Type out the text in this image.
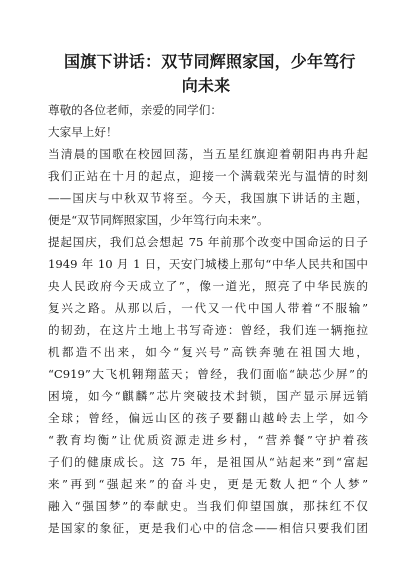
国旗下讲话：双节同辉照家国，少年笃行
向未来
尊敬的各位老师，亲爱的同学们：
大家早上好！
当清晨的国歌在校园回荡，当五星红旗迎着朝阳冉冉升起
我们正站在十月的起点，迎接一个满载荣光与温情的时刻
——国庆与中秋双节将至。今天，我国旗下讲话的主题，
便是“双节同辉照家国，少年笃行向未来”。
提起国庆，我们总会想起 75 年前那个改变中国命运的日子
1949 年 10 月 1 日，天安门城楼上那句“中华人民共和国中
央人民政府今天成立了”，像一道光，照亮了中华民族的
复兴之路。从那以后，一代又一代中国人带着“不服输”
的韧劲，在这片土地上书写奇迹：曾经，我们连一辆拖拉
机都造不出来，如今“复兴号”高铁奔驰在祖国大地，
“C919”大飞机翱翔蓝天；曾经，我们面临“缺芯少屏”的
困境，如今“麒麟”芯片突破技术封锁，国产显示屏远销
全球；曾经，偏远山区的孩子要翻山越岭去上学，如今
“教育均衡”让优质资源走进乡村，“营养餐”守护着孩
子们的健康成长。这 75 年，是祖国从“站起来”到“富起
来”再到“强起来”的奋斗史，更是无数人把“个人梦”
融入“强国梦”的奉献史。当我们仰望国旗，那抹红不仅
是国家的象征，更是我们心中的信念——相信只要我们团
